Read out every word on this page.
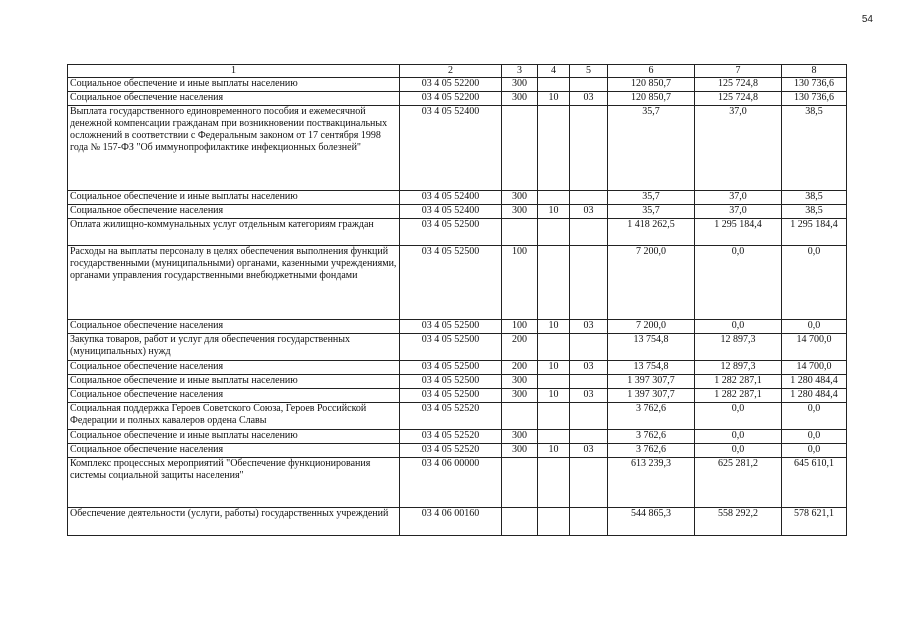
54
1	2	3	4	5	6	7	8
Социальное обеспечение и иные выплаты населению	03 4 05 52200	300			120 850,7	125 724,8	130 736,6
Социальное обеспечение населения	03 4 05 52200	300	10	03	120 850,7	125 724,8	130 736,6
Выплата государственного единовременного пособия и ежемесячной денежной компенсации гражданам при возникновении поствакцинальных осложнений в соответствии с Федеральным законом от 17 сентября 1998 года № 157-ФЗ "Об иммунопрофилактике инфекционных болезней"	03 4 05 52400				35,7	37,0	38,5
Социальное обеспечение и иные выплаты населению	03 4 05 52400	300			35,7	37,0	38,5
Социальное обеспечение населения	03 4 05 52400	300	10	03	35,7	37,0	38,5
Оплата жилищно-коммунальных услуг отдельным категориям граждан	03 4 05 52500				1 418 262,5	1 295 184,4	1 295 184,4
Расходы на выплаты персоналу в целях обеспечения выполнения функций государственными (муниципальными) органами, казенными учреждениями, органами управления государственными внебюджетными фондами	03 4 05 52500	100			7 200,0	0,0	0,0
Социальное обеспечение населения	03 4 05 52500	100	10	03	7 200,0	0,0	0,0
Закупка товаров, работ и услуг для обеспечения государственных (муниципальных) нужд	03 4 05 52500	200			13 754,8	12 897,3	14 700,0
Социальное обеспечение населения	03 4 05 52500	200	10	03	13 754,8	12 897,3	14 700,0
Социальное обеспечение и иные выплаты населению	03 4 05 52500	300			1 397 307,7	1 282 287,1	1 280 484,4
Социальное обеспечение населения	03 4 05 52500	300	10	03	1 397 307,7	1 282 287,1	1 280 484,4
Социальная поддержка Героев Советского Союза, Героев Российской Федерации и полных кавалеров ордена Славы	03 4 05 52520				3 762,6	0,0	0,0
Социальное обеспечение и иные выплаты населению	03 4 05 52520	300			3 762,6	0,0	0,0
Социальное обеспечение населения	03 4 05 52520	300	10	03	3 762,6	0,0	0,0
Комплекс процессных мероприятий "Обеспечение функционирования системы социальной защиты населения"	03 4 06 00000				613 239,3	625 281,2	645 610,1
Обеспечение деятельности (услуги, работы) государственных учреждений	03 4 06 00160				544 865,3	558 292,2	578 621,1
